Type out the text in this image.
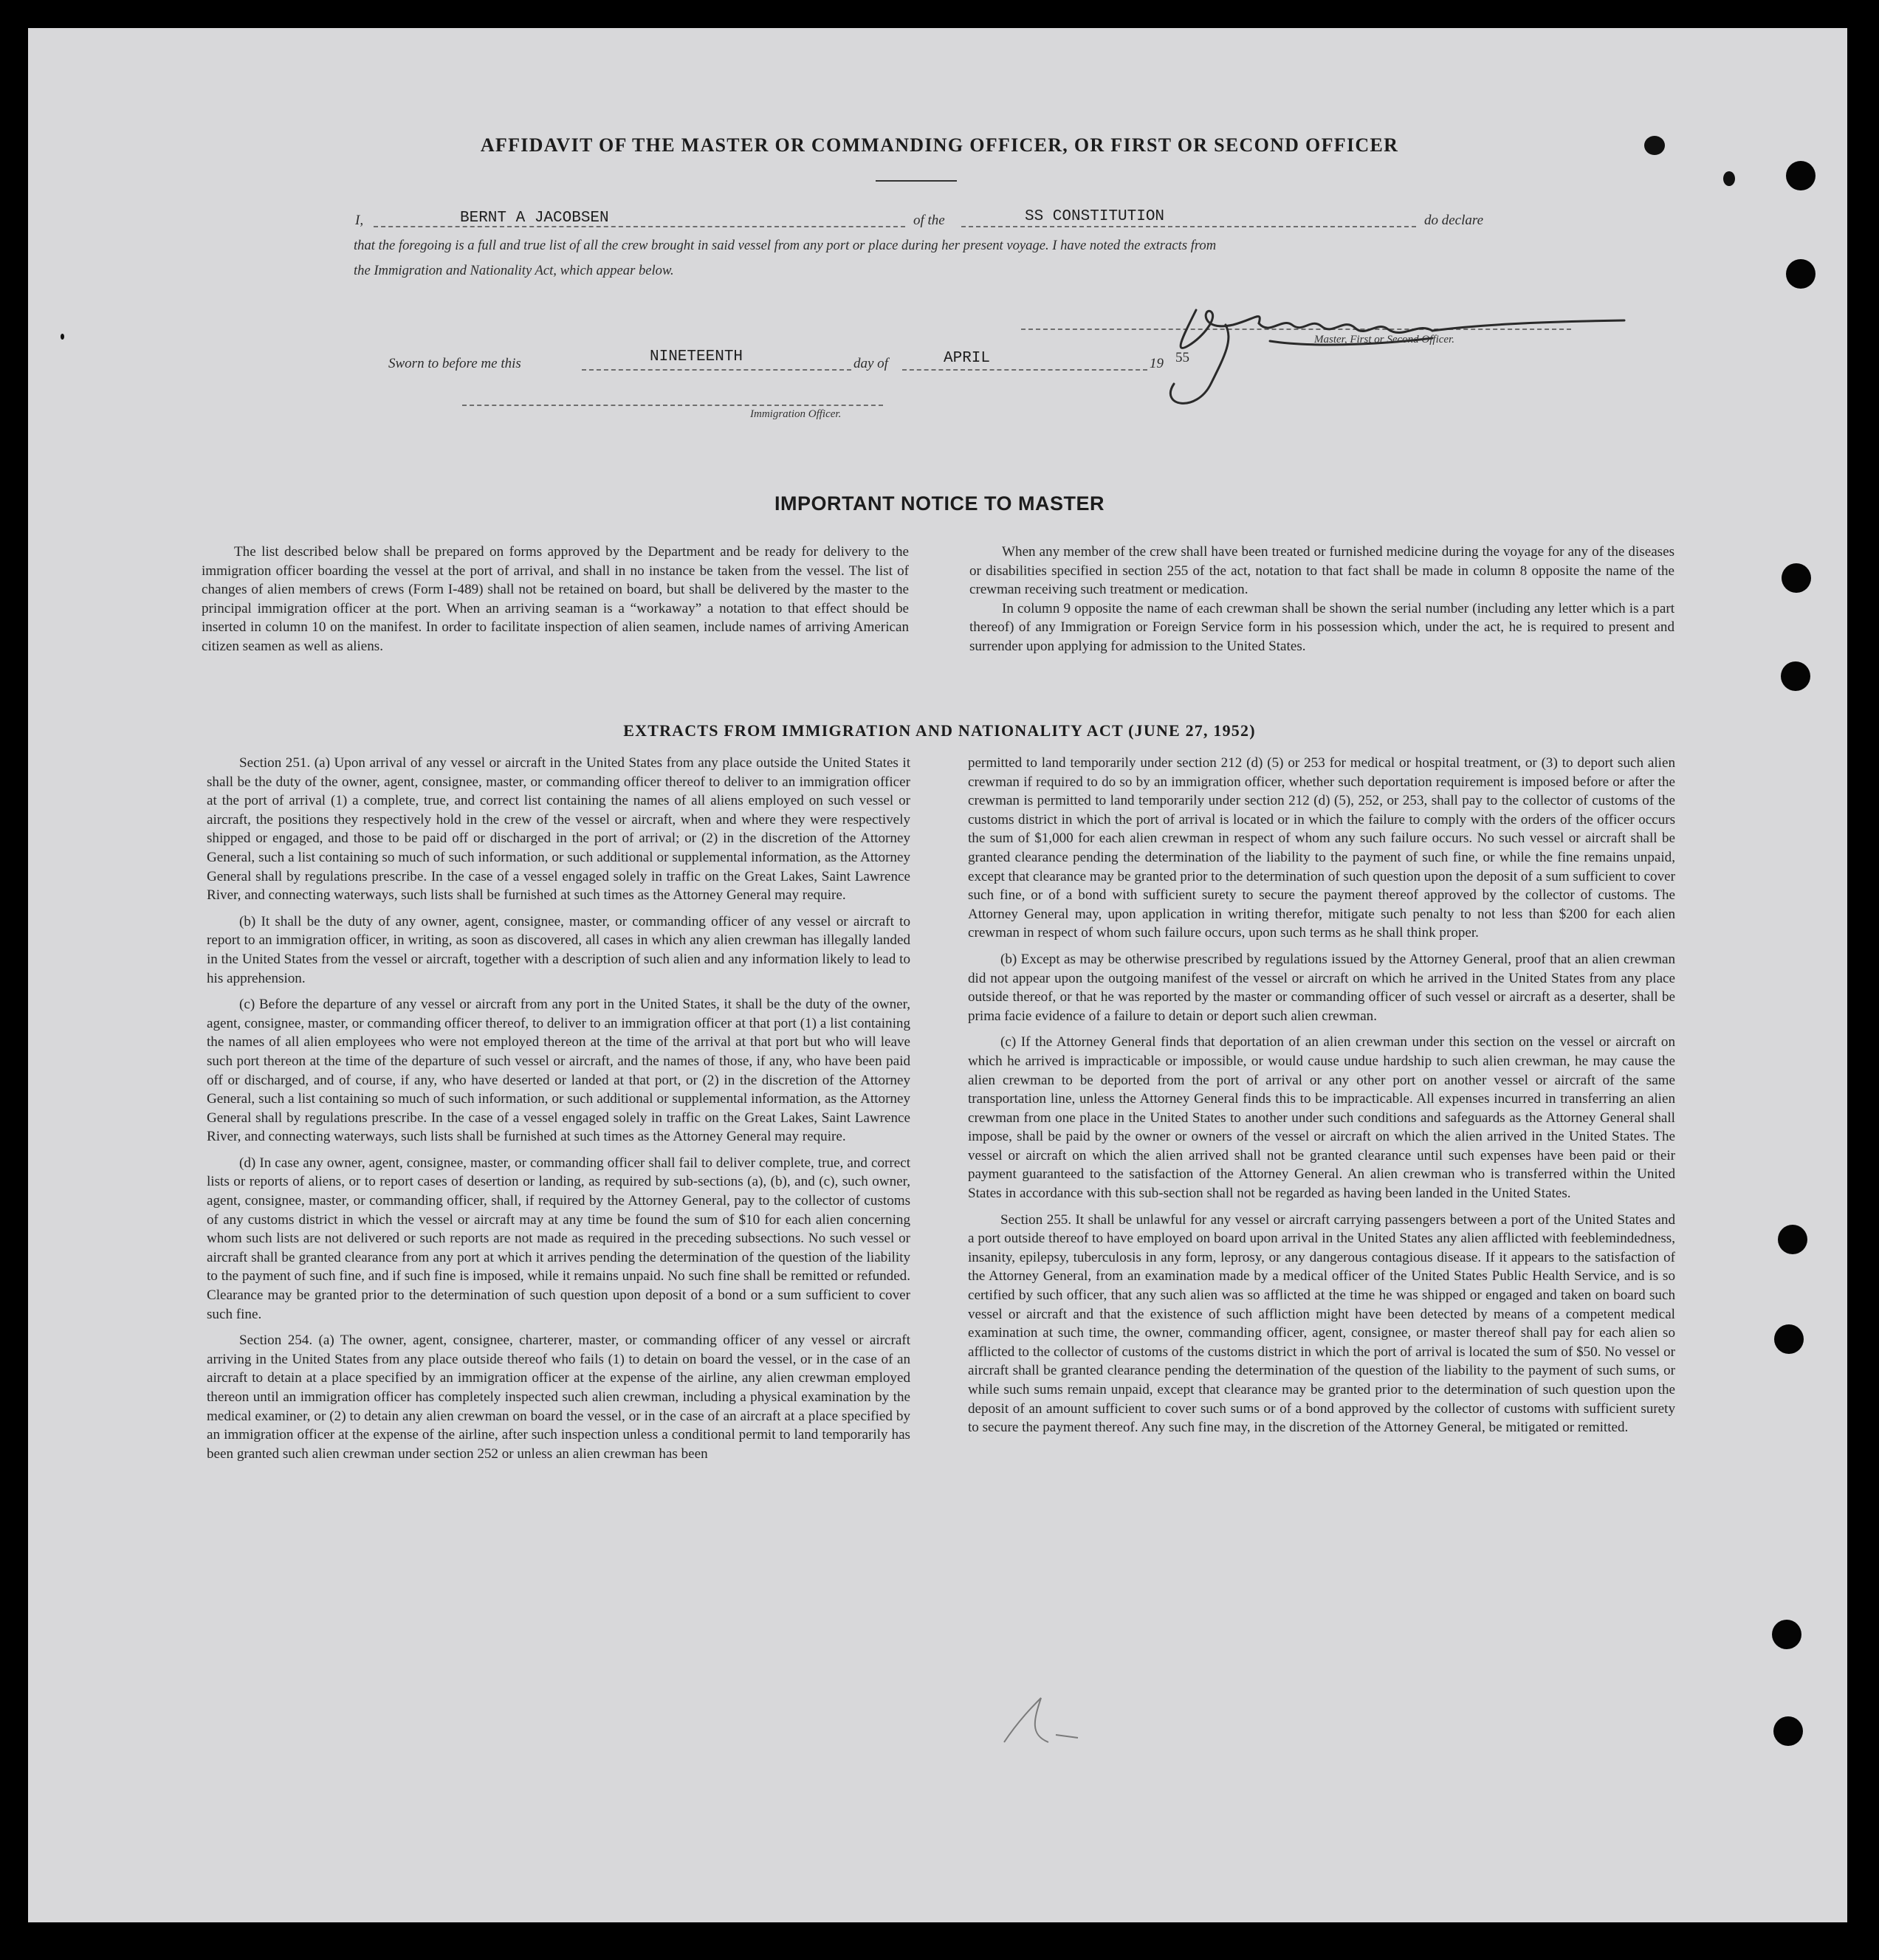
AFFIDAVIT OF THE MASTER OR COMMANDING OFFICER, OR FIRST OR SECOND OFFICER
I,	BERNT A JACOBSEN	of the	SS CONSTITUTION	do declare
that the foregoing is a full and true list of all the crew brought in said vessel from any port or place during her present voyage. I have noted the extracts from
the Immigration and Nationality Act, which appear below.
Master, First or Second Officer.
Sworn to before me this	NINETEENTH	day of	APRIL	19 55
Immigration Officer.
IMPORTANT NOTICE TO MASTER

The list described below shall be prepared on forms approved by the Department and be ready for delivery to the immigration officer boarding the vessel at the port of arrival, and shall in no instance be taken from the vessel. The list of changes of alien members of crews (Form I-489) shall not be retained on board, but shall be delivered by the master to the principal immigration officer at the port. When an arriving seaman is a “workaway” a notation to that effect should be inserted in column 10 on the manifest. In order to facilitate inspection of alien seamen, include names of arriving American citizen seamen as well as aliens.

When any member of the crew shall have been treated or furnished medicine during the voyage for any of the diseases or disabilities specified in section 255 of the act, notation to that fact shall be made in column 8 opposite the name of the crewman receiving such treatment or medication.

In column 9 opposite the name of each crewman shall be shown the serial number (including any letter which is a part thereof) of any Immigration or Foreign Service form in his possession which, under the act, he is required to present and surrender upon applying for admission to the United States.

EXTRACTS FROM IMMIGRATION AND NATIONALITY ACT (JUNE 27, 1952)

Section 251. (a) Upon arrival of any vessel or aircraft in the United States from any place outside the United States it shall be the duty of the owner, agent, consignee, master, or commanding officer thereof to deliver to an immigration officer at the port of arrival (1) a complete, true, and correct list containing the names of all aliens employed on such vessel or aircraft, the positions they respectively hold in the crew of the vessel or aircraft, when and where they were respectively shipped or engaged, and those to be paid off or discharged in the port of arrival; or (2) in the discretion of the Attorney General, such a list containing so much of such information, or such additional or supplemental information, as the Attorney General shall by regulations prescribe. In the case of a vessel engaged solely in traffic on the Great Lakes, Saint Lawrence River, and connecting waterways, such lists shall be furnished at such times as the Attorney General may require.

(b) It shall be the duty of any owner, agent, consignee, master, or commanding officer of any vessel or aircraft to report to an immigration officer, in writing, as soon as discovered, all cases in which any alien crewman has illegally landed in the United States from the vessel or aircraft, together with a description of such alien and any information likely to lead to his apprehension.

(c) Before the departure of any vessel or aircraft from any port in the United States, it shall be the duty of the owner, agent, consignee, master, or commanding officer thereof, to deliver to an immigration officer at that port (1) a list containing the names of all alien employees who were not employed thereon at the time of the arrival at that port but who will leave such port thereon at the time of the departure of such vessel or aircraft, and the names of those, if any, who have been paid off or discharged, and of course, if any, who have deserted or landed at that port, or (2) in the discretion of the Attorney General, such a list containing so much of such information, or such additional or supplemental information, as the Attorney General shall by regulations prescribe. In the case of a vessel engaged solely in traffic on the Great Lakes, Saint Lawrence River, and connecting waterways, such lists shall be furnished at such times as the Attorney General may require.

(d) In case any owner, agent, consignee, master, or commanding officer shall fail to deliver complete, true, and correct lists or reports of aliens, or to report cases of desertion or landing, as required by sub-sections (a), (b), and (c), such owner, agent, consignee, master, or commanding officer, shall, if required by the Attorney General, pay to the collector of customs of any customs district in which the vessel or aircraft may at any time be found the sum of $10 for each alien concerning whom such lists are not delivered or such reports are not made as required in the preceding subsections. No such vessel or aircraft shall be granted clearance from any port at which it arrives pending the determination of the question of the liability to the payment of such fine, and if such fine is imposed, while it remains unpaid. No such fine shall be remitted or refunded. Clearance may be granted prior to the determination of such question upon deposit of a bond or a sum sufficient to cover such fine.

Section 254. (a) The owner, agent, consignee, charterer, master, or commanding officer of any vessel or aircraft arriving in the United States from any place outside thereof who fails (1) to detain on board the vessel, or in the case of an aircraft to detain at a place specified by an immigration officer at the expense of the airline, any alien crewman employed thereon until an immigration officer has completely inspected such alien crewman, including a physical examination by the medical examiner, or (2) to detain any alien crewman on board the vessel, or in the case of an aircraft at a place specified by an immigration officer at the expense of the airline, after such inspection unless a conditional permit to land temporarily has been granted such alien crewman under section 252 or unless an alien crewman has been

permitted to land temporarily under section 212 (d) (5) or 253 for medical or hospital treatment, or (3) to deport such alien crewman if required to do so by an immigration officer, whether such deportation requirement is imposed before or after the crewman is permitted to land temporarily under section 212 (d) (5), 252, or 253, shall pay to the collector of customs of the customs district in which the port of arrival is located or in which the failure to comply with the orders of the officer occurs the sum of $1,000 for each alien crewman in respect of whom any such failure occurs. No such vessel or aircraft shall be granted clearance pending the determination of the liability to the payment of such fine, or while the fine remains unpaid, except that clearance may be granted prior to the determination of such question upon the deposit of a sum sufficient to cover such fine, or of a bond with sufficient surety to secure the payment thereof approved by the collector of customs. The Attorney General may, upon application in writing therefor, mitigate such penalty to not less than $200 for each alien crewman in respect of whom such failure occurs, upon such terms as he shall think proper.

(b) Except as may be otherwise prescribed by regulations issued by the Attorney General, proof that an alien crewman did not appear upon the outgoing manifest of the vessel or aircraft on which he arrived in the United States from any place outside thereof, or that he was reported by the master or commanding officer of such vessel or aircraft as a deserter, shall be prima facie evidence of a failure to detain or deport such alien crewman.

(c) If the Attorney General finds that deportation of an alien crewman under this section on the vessel or aircraft on which he arrived is impracticable or impossible, or would cause undue hardship to such alien crewman, he may cause the alien crewman to be deported from the port of arrival or any other port on another vessel or aircraft of the same transportation line, unless the Attorney General finds this to be impracticable. All expenses incurred in transferring an alien crewman from one place in the United States to another under such conditions and safeguards as the Attorney General shall impose, shall be paid by the owner or owners of the vessel or aircraft on which the alien arrived in the United States. The vessel or aircraft on which the alien arrived shall not be granted clearance until such expenses have been paid or their payment guaranteed to the satisfaction of the Attorney General. An alien crewman who is transferred within the United States in accordance with this sub-section shall not be regarded as having been landed in the United States.

Section 255. It shall be unlawful for any vessel or aircraft carrying passengers between a port of the United States and a port outside thereof to have employed on board upon arrival in the United States any alien afflicted with feeblemindedness, insanity, epilepsy, tuberculosis in any form, leprosy, or any dangerous contagious disease. If it appears to the satisfaction of the Attorney General, from an examination made by a medical officer of the United States Public Health Service, and is so certified by such officer, that any such alien was so afflicted at the time he was shipped or engaged and taken on board such vessel or aircraft and that the existence of such affliction might have been detected by means of a competent medical examination at such time, the owner, commanding officer, agent, consignee, or master thereof shall pay for each alien so afflicted to the collector of customs of the customs district in which the port of arrival is located the sum of $50. No vessel or aircraft shall be granted clearance pending the determination of the question of the liability to the payment of such sums, or while such sums remain unpaid, except that clearance may be granted prior to the determination of such question upon the deposit of an amount sufficient to cover such sums or of a bond approved by the collector of customs with sufficient surety to secure the payment thereof. Any such fine may, in the discretion of the Attorney General, be mitigated or remitted.
